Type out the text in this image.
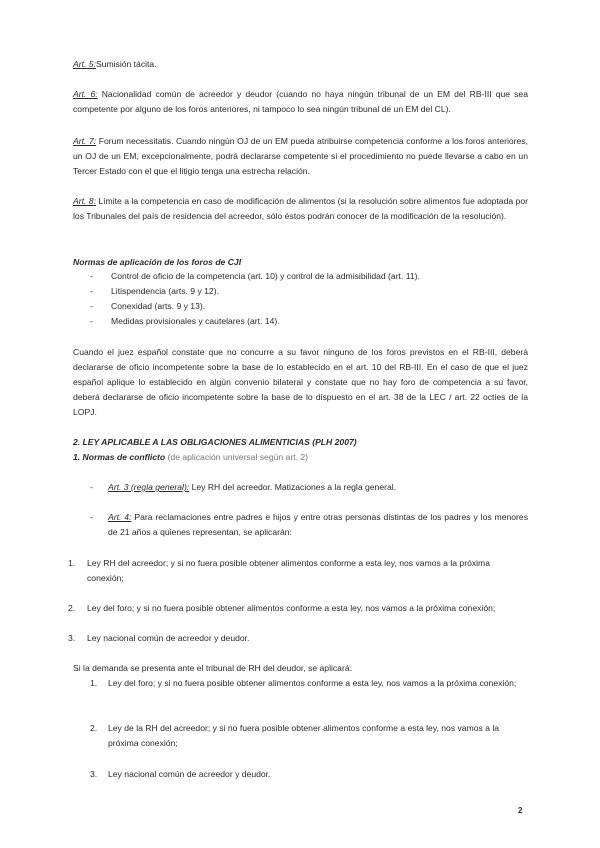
Art. 5:Sumisión tácita.

Art. 6: Nacionalidad común de acreedor y deudor (cuando no haya ningún tribunal de un EM del RB-III que sea competente por alguno de los foros anteriores, ni tampoco lo sea ningún tribunal de un EM del CL).

Art. 7: Forum necessitatis. Cuando ningún OJ de un EM pueda atribuirse competencia conforme a los foros anteriores, un OJ de un EM, excepcionalmente, podrá declararse competente si el procedimiento no puede llevarse a cabo en un Tercer Estado con el que el litigio tenga una estrecha relación.

Art. 8: Límite a la competencia en caso de modificación de alimentos (si la resolución sobre alimentos fue adoptada por los Tribunales del país de residencia del acreedor, sólo éstos podrán conocer de la modificación de la resolución).

Normas de aplicación de los foros de CJI

- Control de oficio de la competencia (art. 10) y control de la admisibilidad (art. 11).
- Litispendencia (arts. 9 y 12).
- Conexidad (arts. 9 y 13).
- Medidas provisionales y cautelares (art. 14).

Cuando el juez español constate que no concurre a su favor ninguno de los foros previstos en el RB-III, deberá declararse de oficio incompetente sobre la base de lo establecido en el art. 10 del RB-III. En el caso de que el juez español aplique lo establecido en algún convenio bilateral y constate que no hay foro de competencia a su favor, deberá declararse de oficio incompetente sobre la base de lo dispuesto en el art. 38 de la LEC / art. 22 octies de la LOPJ.

2. LEY APLICABLE A LAS OBLIGACIONES ALIMENTICIAS (PLH 2007)

1. Normas de conflicto (de aplicación universal según art. 2)

-	Art. 3 (regla general): Ley RH del acreedor. Matizaciones a la regla general.
-	Art. 4: Para reclamaciones entre padres e hijos y entre otras personas distintas de los padres y los menores de 21 años a quienes representan, se aplicarán:
1.	Ley RH del acreedor; y si no fuera posible obtener alimentos conforme a esta ley, nos vamos a la próxima conexión;
2.	Ley del foro; y si no fuera posible obtener alimentos conforme a esta ley, nos vamos a la próxima conexión;
3.	Ley nacional común de acreedor y deudor.

Si la demanda se presenta ante el tribunal de RH del deudor, se aplicará:

1.	Ley del foro; y si no fuera posible obtener alimentos conforme a esta ley, nos vamos a la próxima conexión;
2.	Ley de la RH del acreedor; y si no fuera posible obtener alimentos conforme a esta ley, nos vamos a la próxima conexión;
3.	Ley nacional común de acreedor y deudor.
2
